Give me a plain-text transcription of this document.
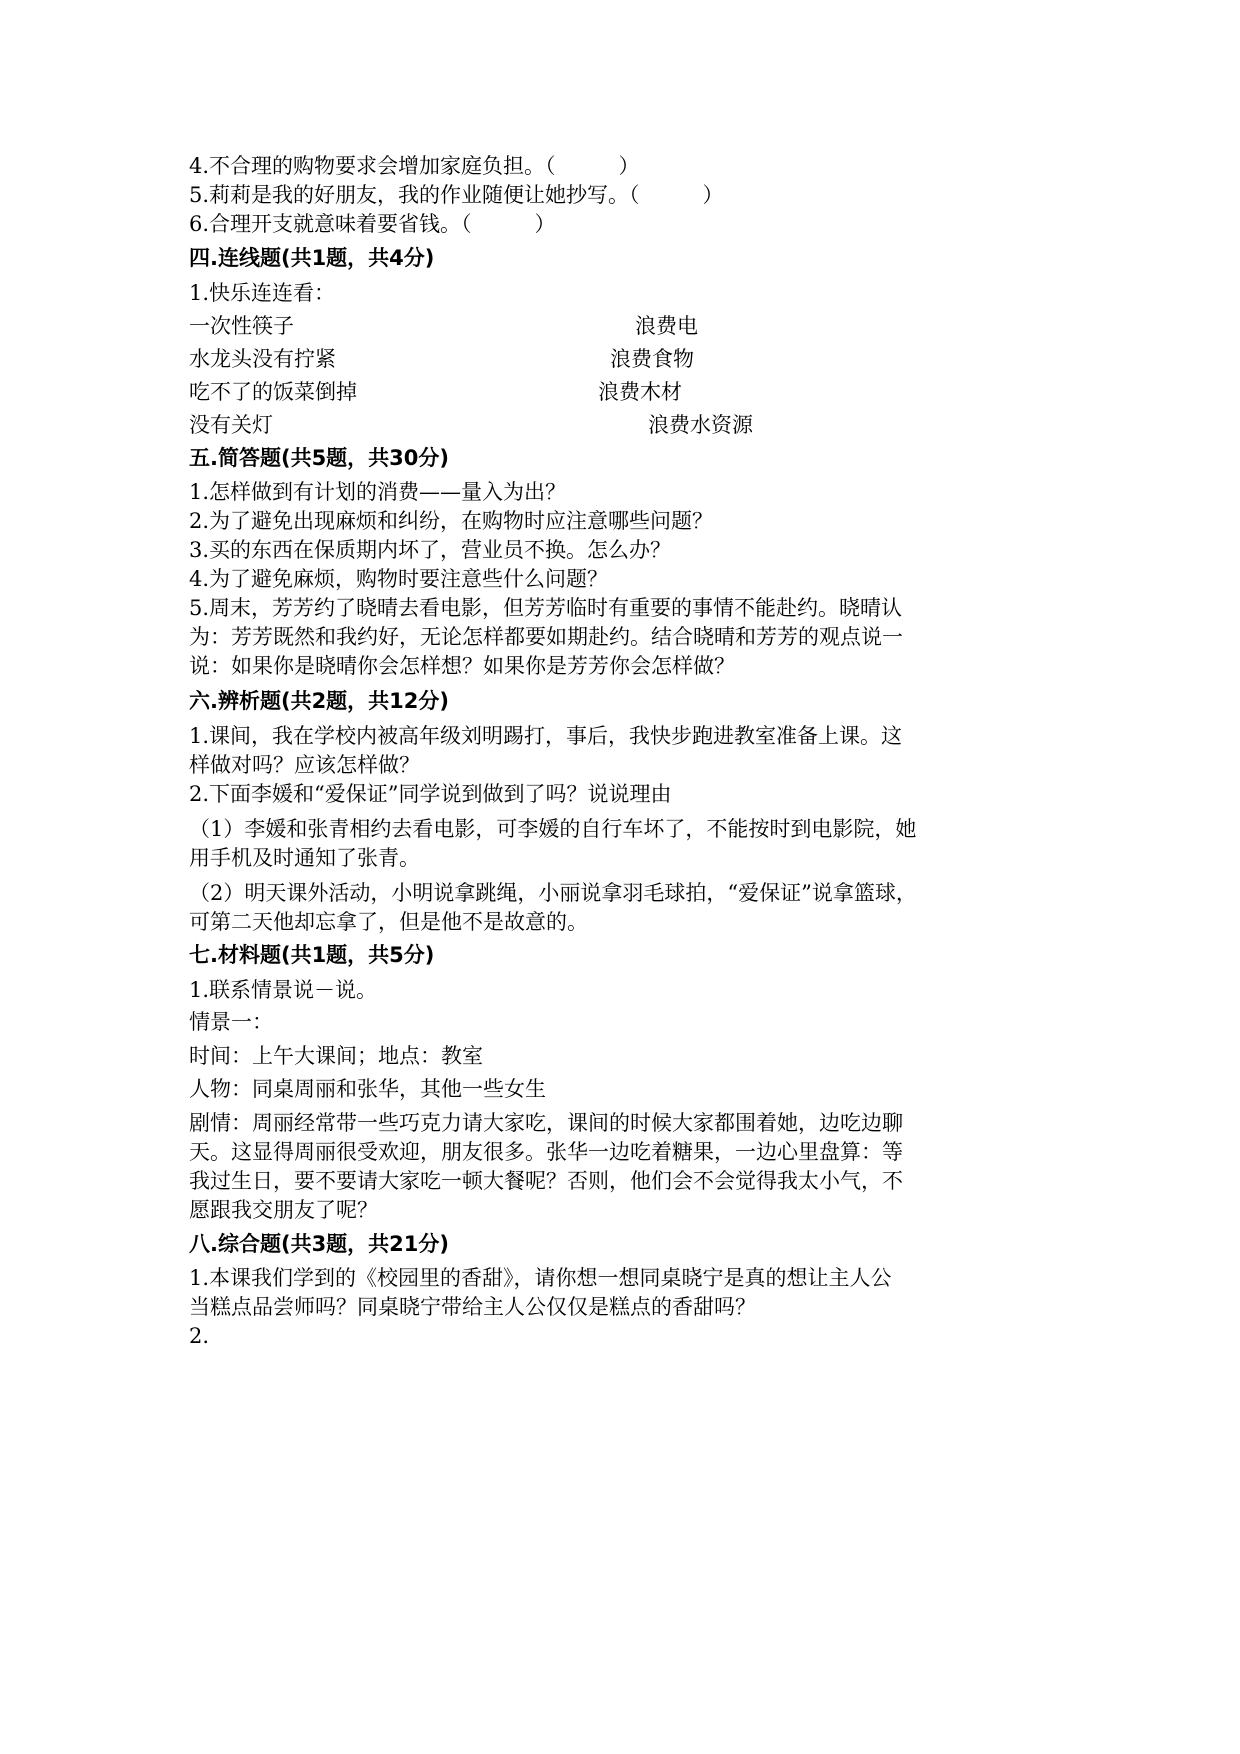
4.不合理的购物要求会增加家庭负担。（　　　）
5.莉莉是我的好朋友，我的作业随便让她抄写。（　　　）
6.合理开支就意味着要省钱。（　　　）
四.连线题(共1题，共4分)
1.快乐连连看：
一次性筷子	浪费电
水龙头没有拧紧	浪费食物
吃不了的饭菜倒掉	浪费木材
没有关灯	浪费水资源
五.简答题(共5题，共30分)
1.怎样做到有计划的消费——量入为出？
2.为了避免出现麻烦和纠纷，在购物时应注意哪些问题？
3.买的东西在保质期内坏了，营业员不换。怎么办？
4.为了避免麻烦，购物时要注意些什么问题？
5.周末，芳芳约了晓晴去看电影，但芳芳临时有重要的事情不能赴约。晓晴认
为：芳芳既然和我约好，无论怎样都要如期赴约。结合晓晴和芳芳的观点说一
说：如果你是晓晴你会怎样想？如果你是芳芳你会怎样做？
六.辨析题(共2题，共12分)
1.课间，我在学校内被高年级刘明踢打，事后，我快步跑进教室准备上课。这
样做对吗？应该怎样做？
2.下面李媛和“爱保证”同学说到做到了吗？说说理由
（1）李媛和张青相约去看电影，可李媛的自行车坏了，不能按时到电影院，她
用手机及时通知了张青。
（2）明天课外活动，小明说拿跳绳，小丽说拿羽毛球拍，“爱保证”说拿篮球，
可第二天他却忘拿了，但是他不是故意的。
七.材料题(共1题，共5分)
1.联系情景说－说。
情景一：
时间：上午大课间；地点：教室
人物：同桌周丽和张华，其他一些女生
剧情：周丽经常带一些巧克力请大家吃，课间的时候大家都围着她，边吃边聊
天。这显得周丽很受欢迎，朋友很多。张华一边吃着糖果，一边心里盘算：等
我过生日，要不要请大家吃一顿大餐呢？否则，他们会不会觉得我太小气，不
愿跟我交朋友了呢？
八.综合题(共3题，共21分)
1.本课我们学到的《校园里的香甜》，请你想一想同桌晓宁是真的想让主人公
当糕点品尝师吗？同桌晓宁带给主人公仅仅是糕点的香甜吗？
2.
